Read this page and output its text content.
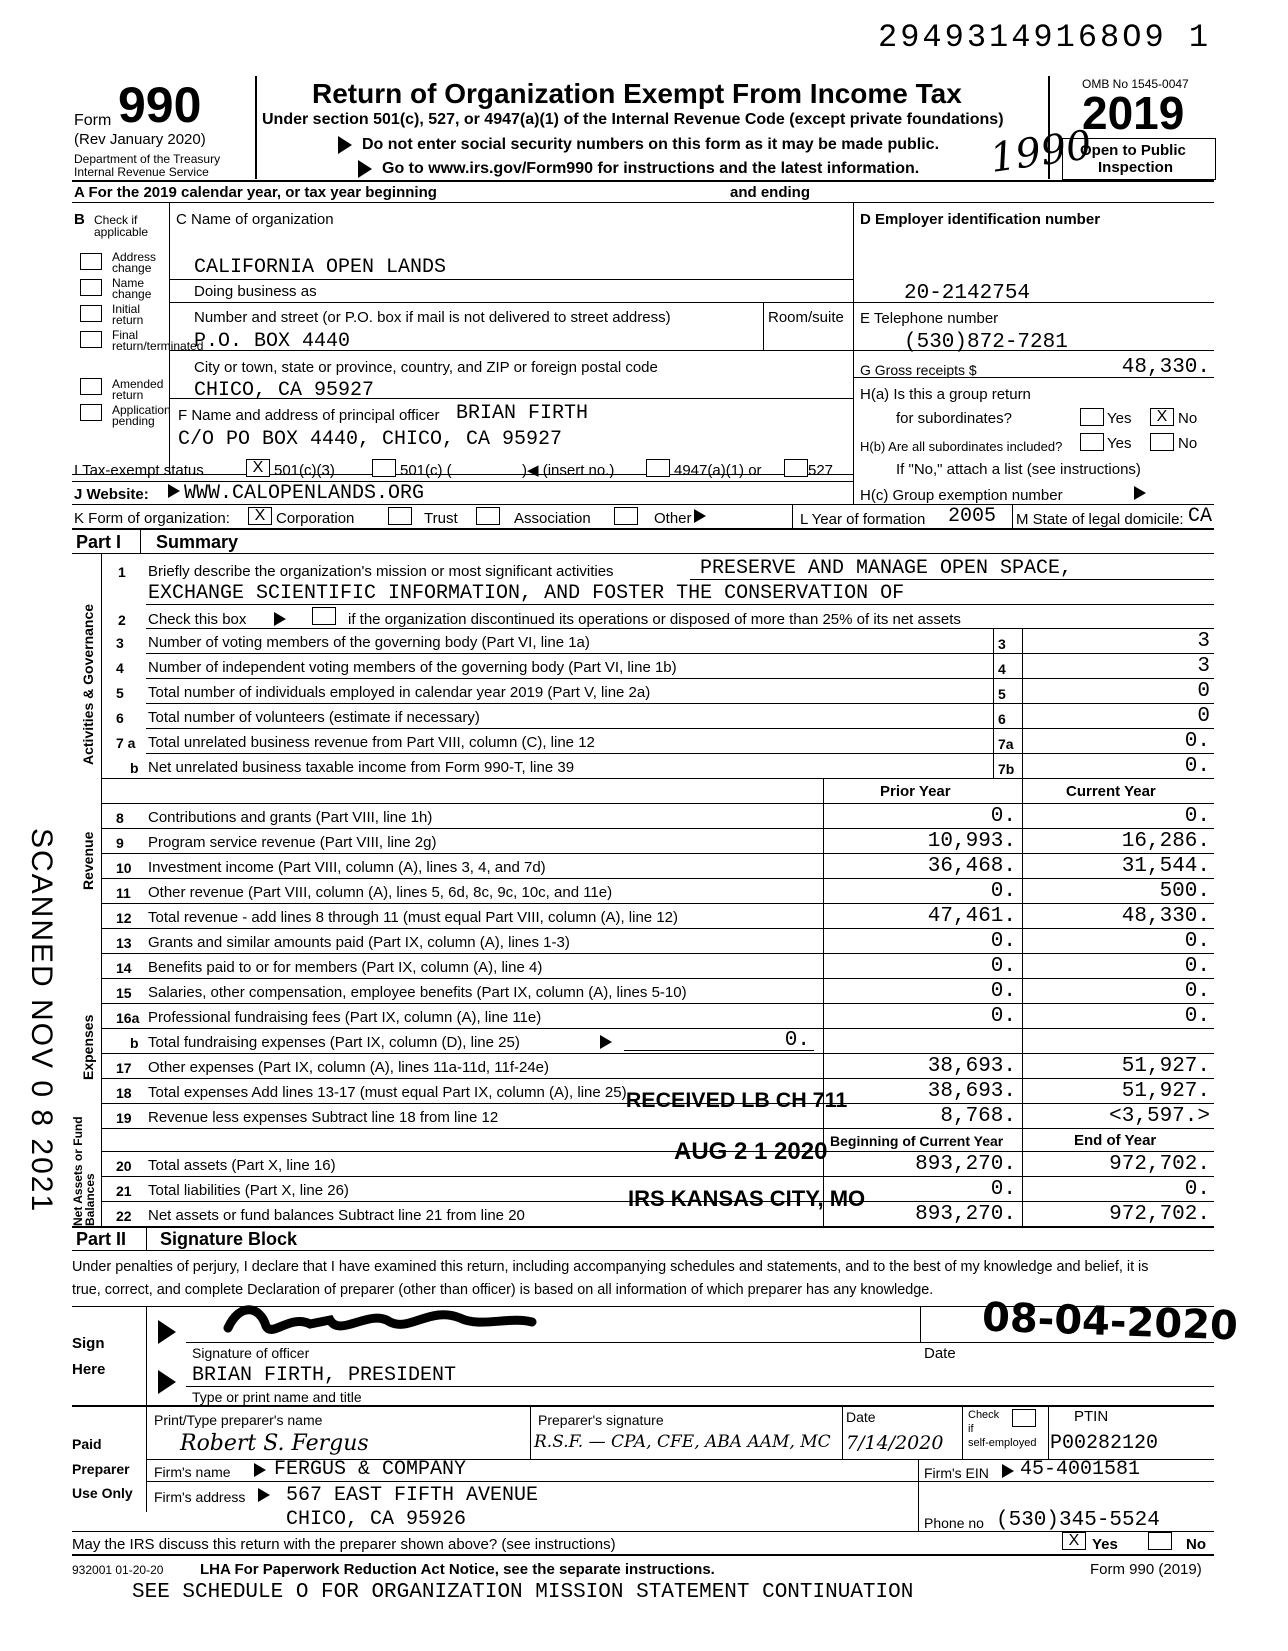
29493149168O9 1
Form 990
(Rev January 2020)
Department of the Treasury
Internal Revenue Service
Return of Organization Exempt From Income Tax
Under section 501(c), 527, or 4947(a)(1) of the Internal Revenue Code (except private foundations)
Do not enter social security numbers on this form as it may be made public.
Go to www.irs.gov/Form990 for instructions and the latest information. 1990
OMB No 1545-0047
2019
Open to Public
Inspection
A For the 2019 calendar year, or tax year beginning	and ending
B Check if applicable
Address change
Name change
Initial return
Final return/terminated
Amended return
Application pending
C Name of organization
CALIFORNIA OPEN LANDS
Doing business as
Number and street (or P.O. box if mail is not delivered to street address)	Room/suite
P.O. BOX 4440
City or town, state or province, country, and ZIP or foreign postal code
CHICO, CA 95927
F Name and address of principal officer BRIAN FIRTH
C/O PO BOX 4440, CHICO, CA 95927
D Employer identification number
20-2142754
E Telephone number
(530)872-7281
G Gross receipts $	48,330.
H(a) Is this a group return
for subordinates?	Yes	X No
H(b) Are all subordinates included?	Yes	No
If "No," attach a list (see instructions)
H(c) Group exemption number
I Tax-exempt status	X 501(c)(3)	501(c) (	)◀ (insert no.)	4947(a)(1) or	527
J Website: WWW.CALOPENLANDS.ORG
K Form of organization:	X Corporation	Trust	Association	Other	L Year of formation 2005 M State of legal domicile: CA
Part I Summary
Activities & Governance
Revenue
Expenses
Net Assets or Fund Balances
1 Briefly describe the organization's mission or most significant activities	PRESERVE AND MANAGE OPEN SPACE,
EXCHANGE SCIENTIFIC INFORMATION, AND FOSTER THE CONSERVATION OF
2 Check this box	if the organization discontinued its operations or disposed of more than 25% of its net assets
3 Number of voting members of the governing body (Part VI, line 1a)	3	3
4 Number of independent voting members of the governing body (Part VI, line 1b)	4	3
5 Total number of individuals employed in calendar year 2019 (Part V, line 2a)	5	0
6 Total number of volunteers (estimate if necessary)	6	0
7 a Total unrelated business revenue from Part VIII, column (C), line 12	7a	0.
b Net unrelated business taxable income from Form 990-T, line 39	7b	0.
Prior Year	Current Year
8 Contributions and grants (Part VIII, line 1h)	0.	0.
9 Program service revenue (Part VIII, line 2g)	10,993.	16,286.
10 Investment income (Part VIII, column (A), lines 3, 4, and 7d)	36,468.	31,544.
11 Other revenue (Part VIII, column (A), lines 5, 6d, 8c, 9c, 10c, and 11e)	0.	500.
12 Total revenue - add lines 8 through 11 (must equal Part VIII, column (A), line 12)	47,461.	48,330.
13 Grants and similar amounts paid (Part IX, column (A), lines 1-3)	0.	0.
14 Benefits paid to or for members (Part IX, column (A), line 4)	0.	0.
15 Salaries, other compensation, employee benefits (Part IX, column (A), lines 5-10)	0.	0.
16a Professional fundraising fees (Part IX, column (A), line 11e)	0.	0.
b Total fundraising expenses (Part IX, column (D), line 25)	0.
17 Other expenses (Part IX, column (A), lines 11a-11d, 11f-24e)	38,693.	51,927.
18 Total expenses Add lines 13-17 (must equal Part IX, column (A), line 25)	38,693.	51,927.
19 Revenue less expenses Subtract line 18 from line 12	8,768.	<3,597.>
Beginning of Current Year	End of Year
20 Total assets (Part X, line 16)	893,270.	972,702.
21 Total liabilities (Part X, line 26)	0.	0.
22 Net assets or fund balances Subtract line 21 from line 20	893,270.	972,702.
RECEIVED LB CH 711
AUG 2 1 2020
IRS KANSAS CITY, MO
SCANNED NOV 0 8 2021
Part II Signature Block
Under penalties of perjury, I declare that I have examined this return, including accompanying schedules and statements, and to the best of my knowledge and belief, it is
true, correct, and complete Declaration of preparer (other than officer) is based on all information of which preparer has any knowledge.
Sign
Here
Signature of officer	Date
08-04-2020
BRIAN FIRTH, PRESIDENT
Type or print name and title
Paid
Preparer
Use Only
Print/Type preparer's name	Preparer's signature	Date	Check
if
self-employed
PTIN
Robert S. Fergus	R.S.F. — CPA, CFE, ABA AAM, MC 7/14/2020	P00282120
Firm's name FERGUS & COMPANY	Firm's EIN 45-4001581
Firm's address 567 EAST FIFTH AVENUE
CHICO, CA 95926	Phone no (530)345-5524
May the IRS discuss this return with the preparer shown above? (see instructions)	X Yes	No
932001 01-20-20 LHA For Paperwork Reduction Act Notice, see the separate instructions.	Form 990 (2019)
SEE SCHEDULE O FOR ORGANIZATION MISSION STATEMENT CONTINUATION
